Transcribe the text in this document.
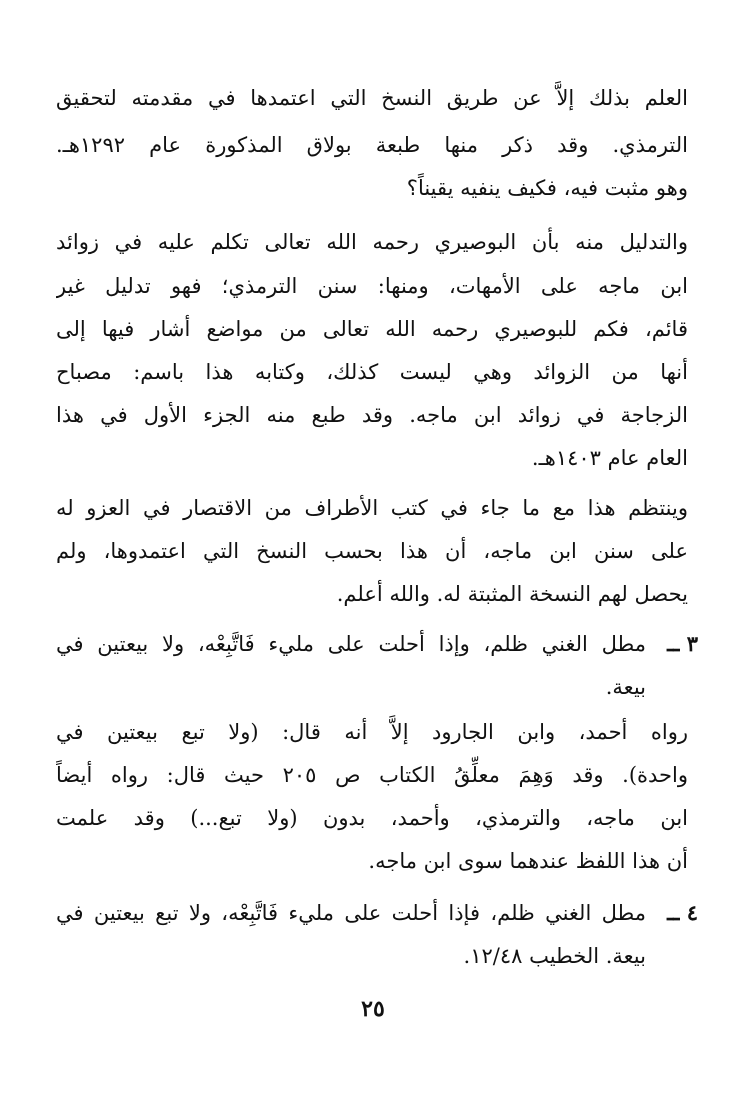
العلم بذلك إلاَّ عن طريق النسخ التي اعتمدها في مقدمته لتحقيق
الترمذي. وقد ذكر منها طبعة بولاق المذكورة عام ١٢٩٢هـ.
وهو مثبت فيه، فكيف ينفيه يقيناً؟
والتدليل منه بأن البوصيري رحمه الله تعالى تكلم عليه في زوائد
ابن ماجه على الأمهات، ومنها: سنن الترمذي؛ فهو تدليل غير
قائم، فكم للبوصيري رحمه الله تعالى من مواضع أشار فيها إلى
أنها من الزوائد وهي ليست كذلك، وكتابه هذا باسم: مصباح
الزجاجة في زوائد ابن ماجه. وقد طبع منه الجزء الأول في هذا
العام عام ١٤٠٣هـ.
وينتظم هذا مع ما جاء في كتب الأطراف من الاقتصار في العزو له
على سنن ابن ماجه، أن هذا بحسب النسخ التي اعتمدوها، ولم
يحصل لهم النسخة المثبتة له. والله أعلم.
٣ ــ
مطل الغني ظلم، وإذا أحلت على مليء فَاتَّبِعْه، ولا بيعتين في
بيعة.
رواه أحمد، وابن الجارود إلاَّ أنه قال: (ولا تبع بيعتين في
واحدة). وقد وَهِمَ معلِّقُ الكتاب ص ٢٠٥ حيث قال: رواه أيضاً
ابن ماجه، والترمذي، وأحمد، بدون (ولا تبع...) وقد علمت
أن هذا اللفظ عندهما سوى ابن ماجه.
٤ ــ
مطل الغني ظلم، فإذا أحلت على مليء فَاتَّبِعْه، ولا تبع بيعتين في
بيعة. الخطيب ١٢/٤٨.
٢٥
